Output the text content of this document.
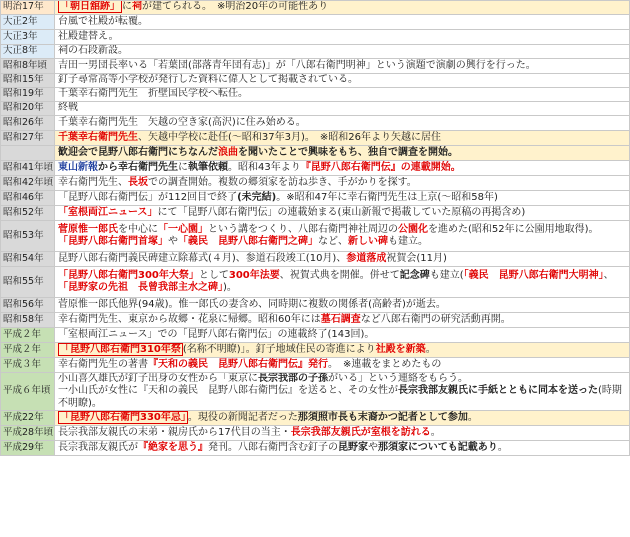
明治17年	「朝日舘跡」 に祠が建てられる。　※明治20年の可能性あり
大正2年	台風で社殿が転覆。
大正3年	社殿建替え。
大正8年	祠の石段新設。
昭和8年頃	吉田一男団長率いる「若葉団(部落青年団有志)」が「八郎右衛門明神」という演題で演劇の興行を行った。
昭和15年	釘子尋常高等小学校が発行した資料に偉人として掲載されている。
昭和19年	千葉幸右衛門先生　折壁国民学校へ転任。
昭和20年	終戦
昭和26年	千葉幸右衛門先生　矢越の空き家(高沢)に住み始める。
昭和27年	千葉幸右衛門先生、矢越中学校に赴任(～昭和37年3月)。　※昭和26年より矢越に居住
	歓迎会で昆野八郎右衛門にちなんだ浪曲を聞いたことで興味をもち、独自で調査を開始。
昭和41年頃	東山新報から幸右衛門先生に執筆依頼。昭和43年より『昆野八郎右衛門伝』の連載開始。
昭和42年頃	幸右衛門先生、長坂での調査開始。複数の郷須家を訪ね歩き、手がかりを探す。
昭和46年	「昆野八郎右衛門伝」が112回目で終了(未完結)。※昭和47年に幸右衛門先生は上京(～昭和58年)
昭和52年	「室根両江ニュース」にて「昆野八郎右衛門伝」の連載始まる(東山新報で掲載していた原稿の再掲含め)
昭和53年	菅原惟一郎氏を中心に「一心園」という講をつくり、八郎右衛門神社周辺の公園化を進めた(昭和52年に公園用地取得)。
「昆野八郎右衛門首塚」や「義民　昆野八郎右衛門之碑」など、新しい碑も建立。
昭和54年	昆野八郎右衛門義民碑建立除幕式(４月)、参道石段竣工(10月)、参道落成祝賀会(11月)
昭和55年	「昆野八郎右衛門300年大祭」として300年法要、祝賀式典を開催。併せて記念碑も建立(「義民　昆野八郎右衛門大明神」、「昆野家の先祖　長曾我部主水之碑」)。
昭和56年	菅原惟一郎氏他界(94歳)。惟一郎氏の妻含め、同時期に複数の関係者(高齢者)が逝去。
昭和58年	幸右衛門先生、東京から故郷・花泉に帰郷。昭和60年には墓石調査など八郎右衛門の研究活動再開。
平成２年	「室根両江ニュース」での「昆野八郎右衛門伝」の連載終了(143回)。
平成２年	「昆野八郎右衛門310年祭 (名称不明瞭)」。釘子地域住民の寄進により社殿を新築。
平成３年	幸右衛門先生の著書『天和の義民　昆野八郎右衛門伝』発行。　※連載をまとめたもの
平成６年頃	小山喜久雄氏が釘子出身の女性から「東京に長宗我部の子孫がいる」という連絡をもらう。
一小山氏が女性に『天和の義民　昆野八郎右衛門伝』を送ると、その女性が長宗我部友親氏に手紙とともに同本を送った(時期不明瞭)。
平成22年	「昆野八郎右衛門330年忌」 。現役の新聞記者だった那須照市長も末裔かつ記者として参加。
平成28年頃	長宗我部友親氏の末弟・親房氏から17代目の当主・長宗我部友親氏が室根を訪れる。
平成29年	長宗我部友親氏が『絶家を思う』発刊。八郎右衛門含む釘子の昆野家や那須家についても記載あり。
